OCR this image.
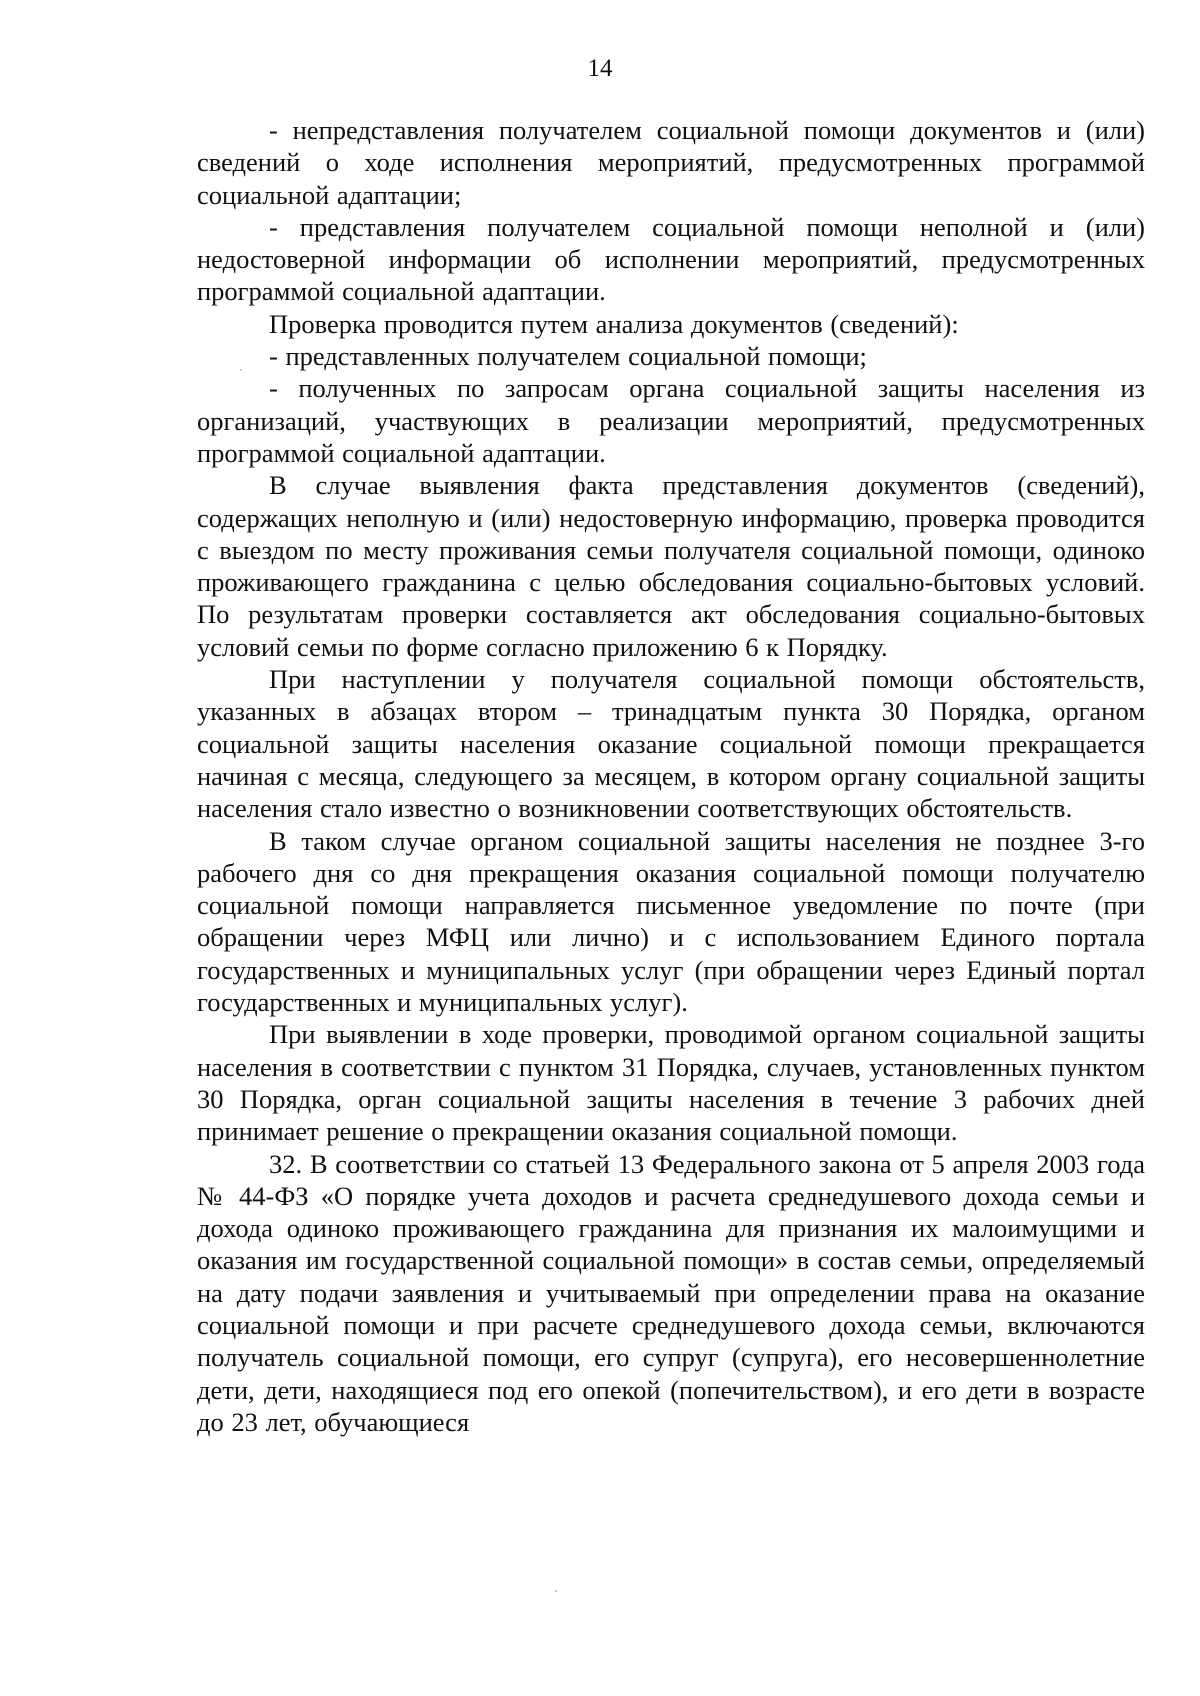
14

- непредставления получателем социальной помощи документов и (или) сведений о ходе исполнения мероприятий, предусмотренных программой социальной адаптации;

- представления получателем социальной помощи неполной и (или) недостоверной информации об исполнении мероприятий, предусмотренных программой социальной адаптации.

Проверка проводится путем анализа документов (сведений):

- представленных получателем социальной помощи;

- полученных по запросам органа социальной защиты населения из организаций, участвующих в реализации мероприятий, предусмотренных программой социальной адаптации.

В случае выявления факта представления документов (сведений), содержащих неполную и (или) недостоверную информацию, проверка проводится с выездом по месту проживания семьи получателя социальной помощи, одиноко проживающего гражданина с целью обследования социально-бытовых условий. По результатам проверки составляется акт обследования социально-бытовых условий семьи по форме согласно приложению 6 к Порядку.

При наступлении у получателя социальной помощи обстоятельств, указанных в абзацах втором – тринадцатым пункта 30 Порядка, органом социальной защиты населения оказание социальной помощи прекращается начиная с месяца, следующего за месяцем, в котором органу социальной защиты населения стало известно о возникновении соответствующих обстоятельств.

В таком случае органом социальной защиты населения не позднее 3-го рабочего дня со дня прекращения оказания социальной помощи получателю социальной помощи направляется письменное уведомление по почте (при обращении через МФЦ или лично) и с использованием Единого портала государственных и муниципальных услуг (при обращении через Единый портал государственных и муниципальных услуг).

При выявлении в ходе проверки, проводимой органом социальной защиты населения в соответствии с пунктом 31 Порядка, случаев, установленных пунктом 30 Порядка, орган социальной защиты населения в течение 3 рабочих дней принимает решение о прекращении оказания социальной помощи.

32. В соответствии со статьей 13 Федерального закона от 5 апреля 2003 года № 44-ФЗ «О порядке учета доходов и расчета среднедушевого дохода семьи и дохода одиноко проживающего гражданина для признания их малоимущими и оказания им государственной социальной помощи» в состав семьи, определяемый на дату подачи заявления и учитываемый при определении права на оказание социальной помощи и при расчете среднедушевого дохода семьи, включаются получатель социальной помощи, его супруг (супруга), его несовершеннолетние дети, дети, находящиеся под его опекой (попечительством), и его дети в возрасте до 23 лет, обучающиеся
